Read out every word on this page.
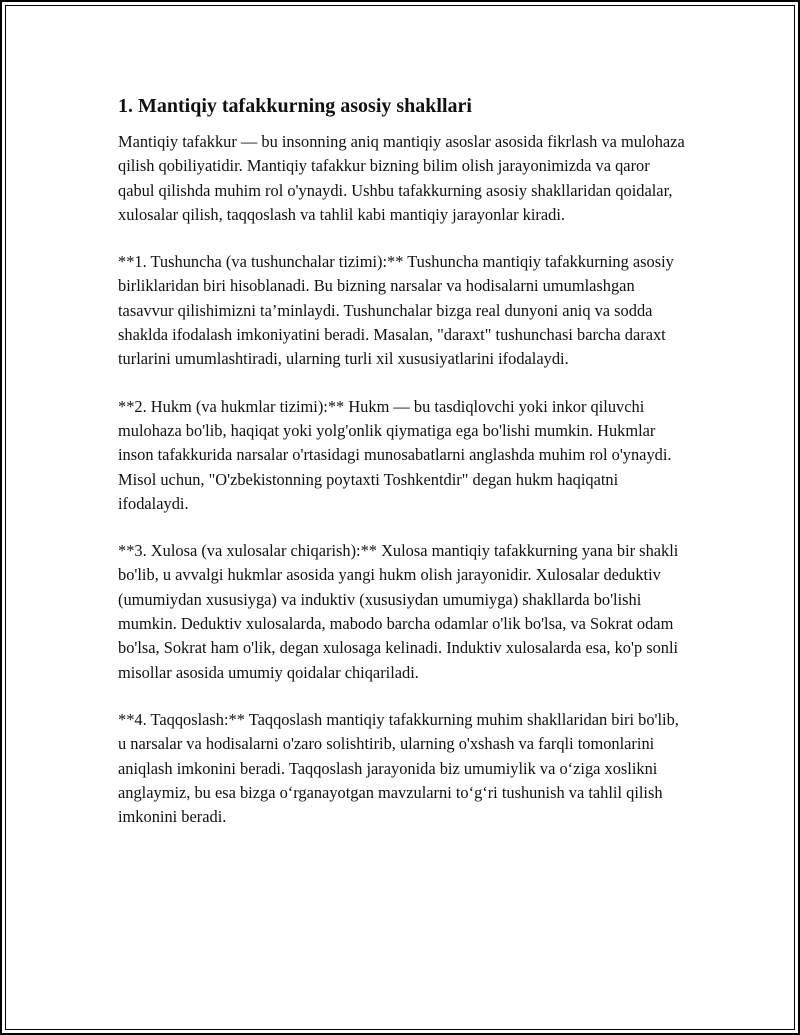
1. Mantiqiy tafakkurning asosiy shakllari

Mantiqiy tafakkur — bu insonning aniq mantiqiy asoslar asosida fikrlash va mulohaza qilish qobiliyatidir. Mantiqiy tafakkur bizning bilim olish jarayonimizda va qaror qabul qilishda muhim rol o'ynaydi. Ushbu tafakkurning asosiy shakllaridan qoidalar, xulosalar qilish, taqqoslash va tahlil kabi mantiqiy jarayonlar kiradi.

**1. Tushuncha (va tushunchalar tizimi):** Tushuncha mantiqiy tafakkurning asosiy birliklaridan biri hisoblanadi. Bu bizning narsalar va hodisalarni umumlashgan tasavvur qilishimizni ta’minlaydi. Tushunchalar bizga real dunyoni aniq va sodda shaklda ifodalash imkoniyatini beradi. Masalan, "daraxt" tushunchasi barcha daraxt turlarini umumlashtiradi, ularning turli xil xususiyatlarini ifodalaydi.

**2. Hukm (va hukmlar tizimi):** Hukm — bu tasdiqlovchi yoki inkor qiluvchi mulohaza bo'lib, haqiqat yoki yolg'onlik qiymatiga ega bo'lishi mumkin. Hukmlar inson tafakkurida narsalar o'rtasidagi munosabatlarni anglashda muhim rol o'ynaydi. Misol uchun, "O'zbekistonning poytaxti Toshkentdir" degan hukm haqiqatni ifodalaydi.

**3. Xulosa (va xulosalar chiqarish):** Xulosa mantiqiy tafakkurning yana bir shakli bo'lib, u avvalgi hukmlar asosida yangi hukm olish jarayonidir. Xulosalar deduktiv (umumiydan xususiyga) va induktiv (xususiydan umumiyga) shakllarda bo'lishi mumkin. Deduktiv xulosalarda, mabodo barcha odamlar o'lik bo'lsa, va Sokrat odam bo'lsa, Sokrat ham o'lik, degan xulosaga kelinadi. Induktiv xulosalarda esa, ko'p sonli misollar asosida umumiy qoidalar chiqariladi.

**4. Taqqoslash:** Taqqoslash mantiqiy tafakkurning muhim shakllaridan biri bo'lib, u narsalar va hodisalarni o'zaro solishtirib, ularning o'xshash va farqli tomonlarini aniqlash imkonini beradi. Taqqoslash jarayonida biz umumiylik va o‘ziga xoslikni anglaymiz, bu esa bizga o‘rganayotgan mavzularni to‘g‘ri tushunish va tahlil qilish imkonini beradi.
